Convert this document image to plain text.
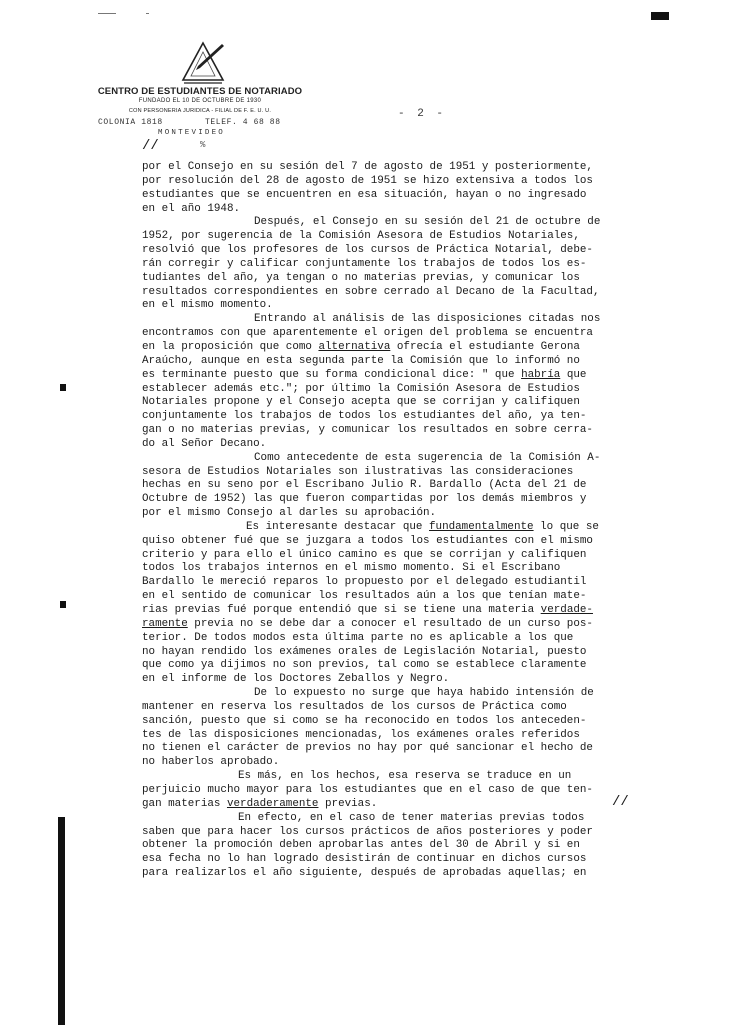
CENTRO DE ESTUDIANTES DE NOTARIADO
FUNDADO EL 10 DE OCTUBRE DE 1930
CON PERSONERIA JURIDICA - FILIAL DE F. E. U. U.
COLONIA 1818	TELEF. 4 68 88
MONTEVIDEO
- 2 -
//	%
por el Consejo en su sesión del 7 de agosto de 1951 y posteriormente,
por resolución del 28 de agosto de 1951 se hizo extensiva a todos los
estudiantes que se encuentren en esa situación, hayan o no ingresado
en el año 1948.
Después, el Consejo en su sesión del 21 de octubre de
1952, por sugerencia de la Comisión Asesora de Estudios Notariales,
resolvió que los profesores de los cursos de Práctica Notarial, debe-
rán corregir y calificar conjuntamente los trabajos de todos los es-
tudiantes del año, ya tengan o no materias previas, y comunicar los
resultados correspondientes en sobre cerrado al Decano de la Facultad,
en el mismo momento.
Entrando al análisis de las disposiciones citadas nos
encontramos con que aparentemente el origen del problema se encuentra
en la proposición que como alternativa ofrecía el estudiante Gerona
Araúcho, aunque en esta segunda parte la Comisión que lo informó no
es terminante puesto que su forma condicional dice: " que habría que
establecer además etc."; por último la Comisión Asesora de Estudios
Notariales propone y el Consejo acepta que se corrijan y califiquen
conjuntamente los trabajos de todos los estudiantes del año, ya ten-
gan o no materias previas, y comunicar los resultados en sobre cerra-
do al Señor Decano.
Como antecedente de esta sugerencia de la Comisión A-
sesora de Estudios Notariales son ilustrativas las consideraciones
hechas en su seno por el Escribano Julio R. Bardallo (Acta del 21 de
Octubre de 1952) las que fueron compartidas por los demás miembros y
por el mismo Consejo al darles su aprobación.
Es interesante destacar que fundamentalmente lo que se
quiso obtener fué que se juzgara a todos los estudiantes con el mismo
criterio y para ello el único camino es que se corrijan y califiquen
todos los trabajos internos en el mismo momento. Si el Escribano
Bardallo le mereció reparos lo propuesto por el delegado estudiantil
en el sentido de comunicar los resultados aún a los que tenían mate-
rias previas fué porque entendió que si se tiene una materia verdade-
ramente previa no se debe dar a conocer el resultado de un curso pos-
terior. De todos modos esta última parte no es aplicable a los que
no hayan rendido los exámenes orales de Legislación Notarial, puesto
que como ya dijimos no son previos, tal como se establece claramente
en el informe de los Doctores Zeballos y Negro.
De lo expuesto no surge que haya habido intensión de
mantener en reserva los resultados de los cursos de Práctica como
sanción, puesto que si como se ha reconocido en todos los anteceden-
tes de las disposiciones mencionadas, los exámenes orales referidos
no tienen el carácter de previos no hay por qué sancionar el hecho de
no haberlos aprobado.
Es más, en los hechos, esa reserva se traduce en un
perjuicio mucho mayor para los estudiantes que en el caso de que ten-
gan materias verdaderamente previas.
En efecto, en el caso de tener materias previas todos
saben que para hacer los cursos prácticos de años posteriores y poder
obtener la promoción deben aprobarlas antes del 30 de Abril y si en
esa fecha no lo han logrado desistirán de continuar en dichos cursos
para realizarlos el año siguiente, después de aprobadas aquellas; en
//
